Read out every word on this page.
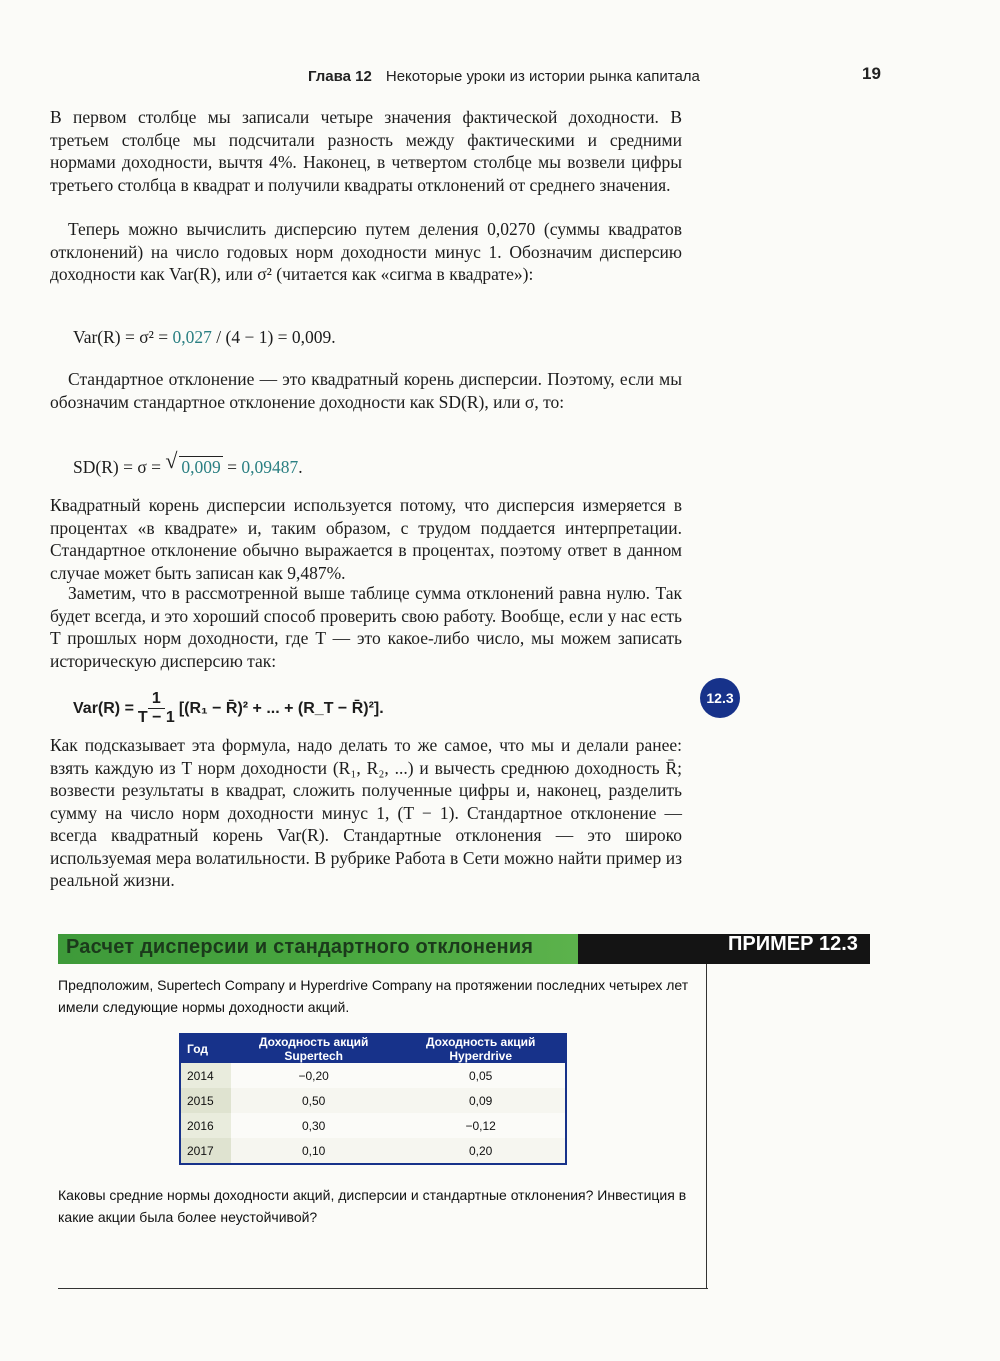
Глава 12 Некоторые уроки из истории рынка капитала	19
В первом столбце мы записали четыре значения фактической доходности. В третьем столбце мы подсчитали разность между фактическими и средними нормами доходности, вычтя 4%. Наконец, в четвертом столбце мы возвели цифры третьего столбца в квадрат и получили квадраты отклонений от среднего значения.
Теперь можно вычислить дисперсию путем деления 0,0270 (суммы квадратов отклонений) на число годовых норм доходности минус 1. Обозначим дисперсию доходности как Var(R), или σ² (читается как «сигма в квадрате»):
Var(R) = σ² = 0,027 / (4 − 1) = 0,009.
Стандартное отклонение — это квадратный корень дисперсии. Поэтому, если мы обозначим стандартное отклонение доходности как SD(R), или σ, то:
SD(R) = σ = √ 0,009 = 0,09487.
Квадратный корень дисперсии используется потому, что дисперсия измеряется в процентах «в квадрате» и, таким образом, с трудом поддается интерпретации. Стандартное отклонение обычно выражается в процентах, поэтому ответ в данном случае может быть записан как 9,487%.
Заметим, что в рассмотренной выше таблице сумма отклонений равна нулю. Так будет всегда, и это хороший способ проверить свою работу. Вообще, если у нас есть T прошлых норм доходности, где T — это какое-либо число, мы можем записать историческую дисперсию так:
$Var(R) = \frac{1}{T - 1} [(R_1$ − R̄)² + ... + (R_T − R̄)²].
12.3
Как подсказывает эта формула, надо делать то же самое, что мы и делали ранее: взять каждую из T норм доходности (R₁, R₂, ...) и вычесть среднюю доходность R̄; возвести результаты в квадрат, сложить полученные цифры и, наконец, разделить сумму на число норм доходности минус 1, (T − 1). Стандартное отклонение — всегда квадратный корень Var(R). Стандартные отклонения — это широко используемая мера волатильности. В рубрике Работа в Сети можно найти пример из реальной жизни.
Расчет дисперсии и стандартного отклонения	ПРИМЕР 12.3
Предположим, Supertech Company и Hyperdrive Company на протяжении последних четырех лет имели следующие нормы доходности акций.
Год	Доходность акций Supertech	Доходность акций Hyperdrive
2014	−0,20	0,05
2015	0,50	0,09
2016	0,30	−0,12
2017	0,10	0,20
Каковы средние нормы доходности акций, дисперсии и стандартные отклонения? Инвестиция в какие акции была более неустойчивой?
